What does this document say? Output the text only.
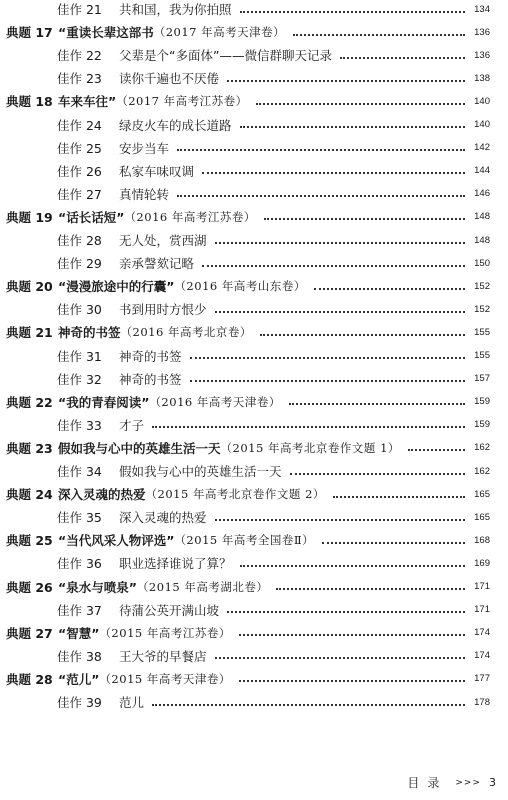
佳作 21	共和国，我为你拍照	134
典题 17 “重读长辈这部书 （2017 年高考天津卷）	136
佳作 22	父辈是个“多面体”——微信群聊天记录	136
佳作 23	读你千遍也不厌倦	138
典题 18 车来车往” （2017 年高考江苏卷）	140
佳作 24	绿皮火车的成长道路	140
佳作 25	安步当车	142
佳作 26	私家车味叹调	144
佳作 27	真情轮转	146
典题 19 “话长话短” （2016 年高考江苏卷）	148
佳作 28	无人处，赏西湖	148
佳作 29	亲承謦欬记略	150
典题 20 “漫漫旅途中的行囊” （2016 年高考山东卷）	152
佳作 30	书到用时方恨少	152
典题 21 神奇的书签 （2016 年高考北京卷）	155
佳作 31	神奇的书签	155
佳作 32	神奇的书签	157
典题 22 “我的青春阅读” （2016 年高考天津卷）	159
佳作 33	才子	159
典题 23 假如我与心中的英雄生活一天 （2015 年高考北京卷作文题 1）	162
佳作 34	假如我与心中的英雄生活一天	162
典题 24 深入灵魂的热爱 （2015 年高考北京卷作文题 2）	165
佳作 35	深入灵魂的热爱	165
典题 25 “当代风采人物评选” （2015 年高考全国卷Ⅱ）	168
佳作 36	职业选择谁说了算？	169
典题 26 “泉水与喷泉” （2015 年高考湖北卷）	171
佳作 37	待蒲公英开满山坡	171
典题 27 “智慧” （2015 年高考江苏卷）	174
佳作 38	王大爷的早餐店	174
典题 28 “范儿” （2015 年高考天津卷）	177
佳作 39	范儿	178
目录 >>> 3
